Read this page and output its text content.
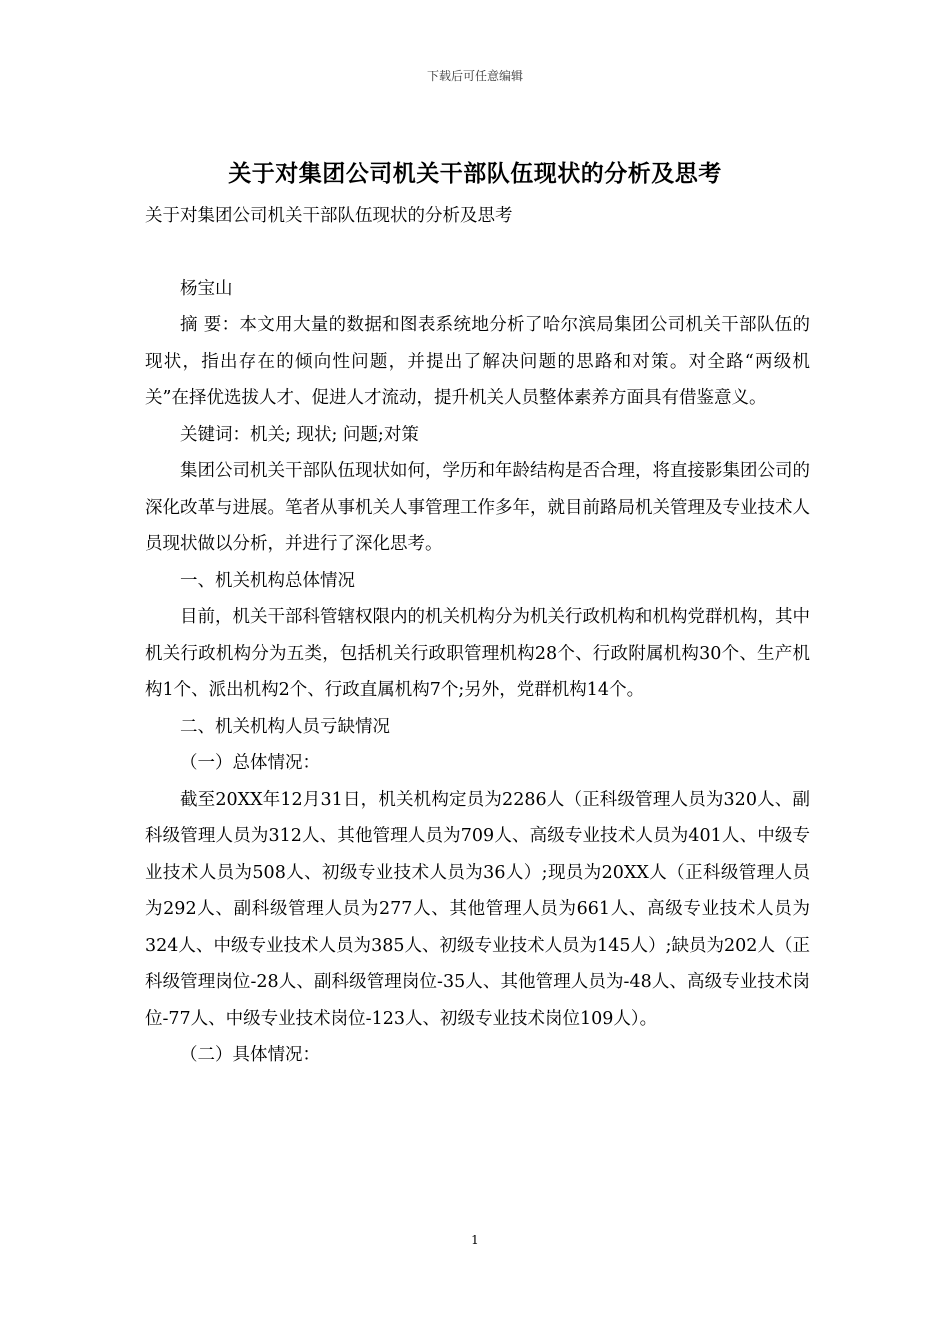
下载后可任意编辑
关于对集团公司机关干部队伍现状的分析及思考

关于对集团公司机关干部队伍现状的分析及思考

杨宝山

摘 要：本文用大量的数据和图表系统地分析了哈尔滨局集团公司机关干部队伍的现状，指出存在的倾向性问题，并提出了解决问题的思路和对策。对全路“两级机关”在择优选拔人才、促进人才流动，提升机关人员整体素养方面具有借鉴意义。

关键词：机关; 现状; 问题;对策

集团公司机关干部队伍现状如何，学历和年龄结构是否合理，将直接影集团公司的深化改革与进展。笔者从事机关人事管理工作多年，就目前路局机关管理及专业技术人员现状做以分析，并进行了深化思考。

一、机关机构总体情况

目前，机关干部科管辖权限内的机关机构分为机关行政机构和机构党群机构，其中机关行政机构分为五类，包括机关行政职管理机构28个、行政附属机构30个、生产机构1个、派出机构2个、行政直属机构7个;另外，党群机构14个。

二、机关机构人员亏缺情况

（一）总体情况：

截至20XX年12月31日，机关机构定员为2286人（正科级管理人员为320人、副科级管理人员为312人、其他管理人员为709人、高级专业技术人员为401人、中级专业技术人员为508人、初级专业技术人员为36人）;现员为20XX人（正科级管理人员为292人、副科级管理人员为277人、其他管理人员为661人、高级专业技术人员为324人、中级专业技术人员为385人、初级专业技术人员为145人）;缺员为202人（正科级管理岗位-28人、副科级管理岗位-35人、其他管理人员为-48人、高级专业技术岗位-77人、中级专业技术岗位-123人、初级专业技术岗位109人）。

（二）具体情况：

1
